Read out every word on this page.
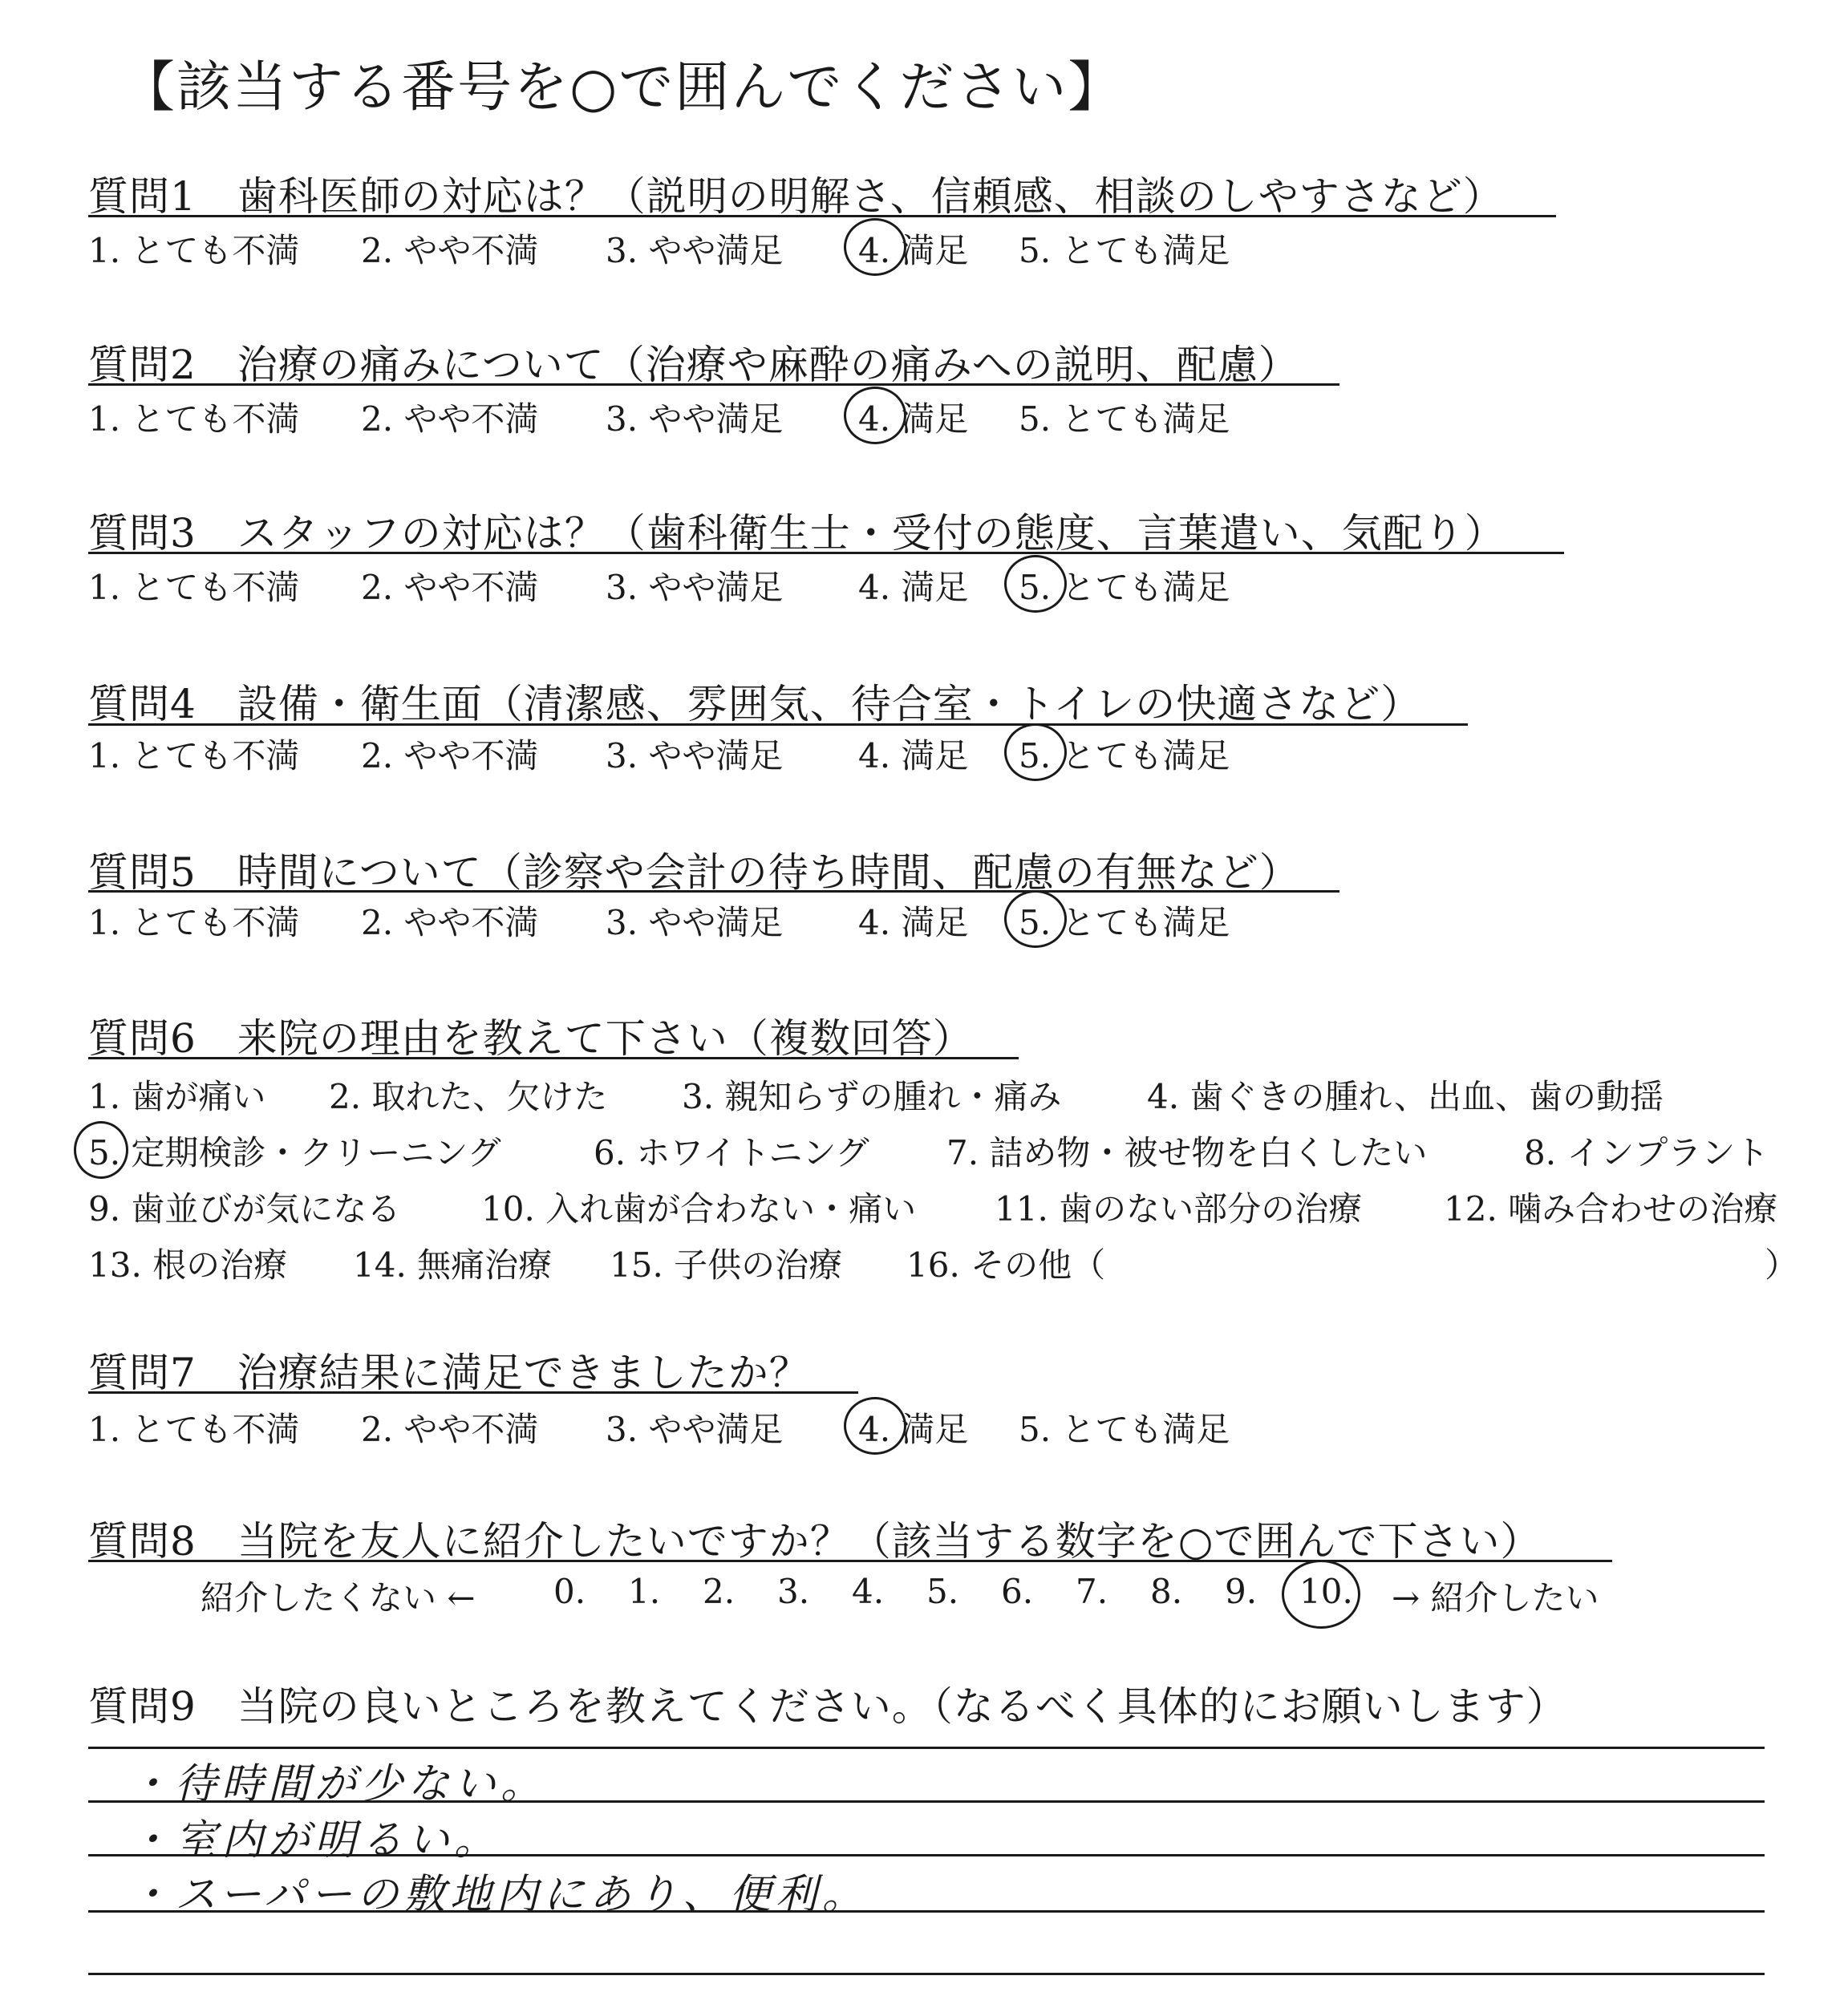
【該当する番号を○で囲んでください】
質問1　歯科医師の対応は？（説明の明解さ、信頼感、相談のしやすさなど）
1. とても不満 2. やや不満 3. やや満足 4. 満足 5. とても満足
質問2　治療の痛みについて（治療や麻酔の痛みへの説明、配慮）
1. とても不満 2. やや不満 3. やや満足 4. 満足 5. とても満足
質問3　スタッフの対応は？（歯科衛生士・受付の態度、言葉遣い、気配り）
1. とても不満 2. やや不満 3. やや満足 4. 満足 5. とても満足
質問4　設備・衛生面（清潔感、雰囲気、待合室・トイレの快適さなど）
1. とても不満 2. やや不満 3. やや満足 4. 満足 5. とても満足
質問5　時間について（診察や会計の待ち時間、配慮の有無など）
1. とても不満 2. やや不満 3. やや満足 4. 満足 5. とても満足
質問6　来院の理由を教えて下さい（複数回答）
1. 歯が痛い 2. 取れた、欠けた 3. 親知らずの腫れ・痛み	4. 歯ぐきの腫れ、出血、歯の動揺
5. 定期検診・クリーニング	6. ホワイトニング 7. 詰め物・被せ物を白くしたい	8. インプラント
9. 歯並びが気になる 10. 入れ歯が合わない・痛い 11. 歯のない部分の治療 12. 噛み合わせの治療
13. 根の治療 14. 無痛治療 15. 子供の治療 16. その他（	）
質問7　治療結果に満足できましたか？
1. とても不満 2. やや不満 3. やや満足 4. 満足 5. とても満足
質問8　当院を友人に紹介したいですか？（該当する数字を○で囲んで下さい）
紹介したくない ← 0. 1. 2. 3. 4. 5. 6. 7. 8. 9. 10. → 紹介したい
質問9　当院の良いところを教えてください。（なるべく具体的にお願いします）
・待時間が少ない。
・室内が明るい。
・スーパーの敷地内にあり、便利。
